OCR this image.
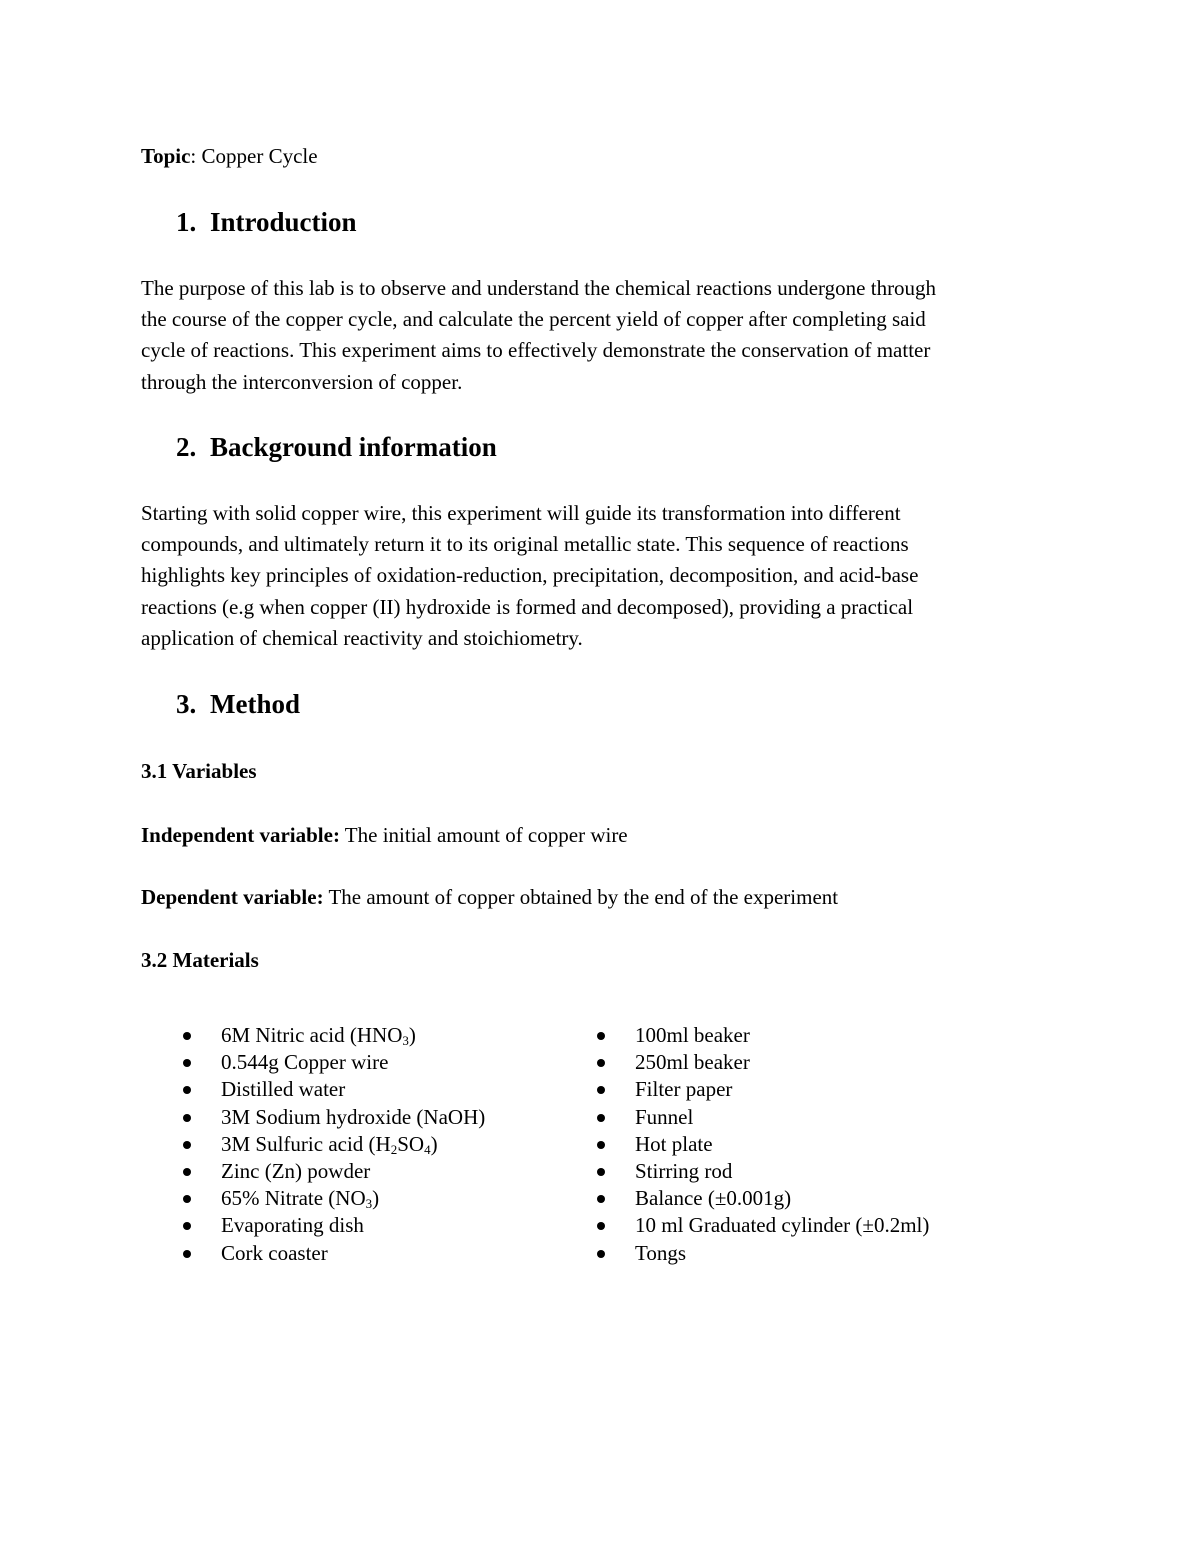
Topic: Copper Cycle
1. Introduction
The purpose of this lab is to observe and understand the chemical reactions undergone through
the course of the copper cycle, and calculate the percent yield of copper after completing said
cycle of reactions. This experiment aims to effectively demonstrate the conservation of matter
through the interconversion of copper.
2. Background information
Starting with solid copper wire, this experiment will guide its transformation into different
compounds, and ultimately return it to its original metallic state. This sequence of reactions
highlights key principles of oxidation-reduction, precipitation, decomposition, and acid-base
reactions (e.g when copper (II) hydroxide is formed and decomposed), providing a practical
application of chemical reactivity and stoichiometry.
3. Method
3.1 Variables
Independent variable: The initial amount of copper wire
Dependent variable: The amount of copper obtained by the end of the experiment
3.2 Materials
6M Nitric acid $(HNO_3)$
0.544g Copper wire
Distilled water
3M Sodium hydroxide (NaOH)
3M Sulfuric acid $(H_2SO_4)$
Zinc (Zn) powder
65% Nitrate $(NO_3)$
Evaporating dish
Cork coaster
100ml beaker
250ml beaker
Filter paper
Funnel
Hot plate
Stirring rod
Balance (±0.001g)
10 ml Graduated cylinder (±0.2ml)
Tongs
